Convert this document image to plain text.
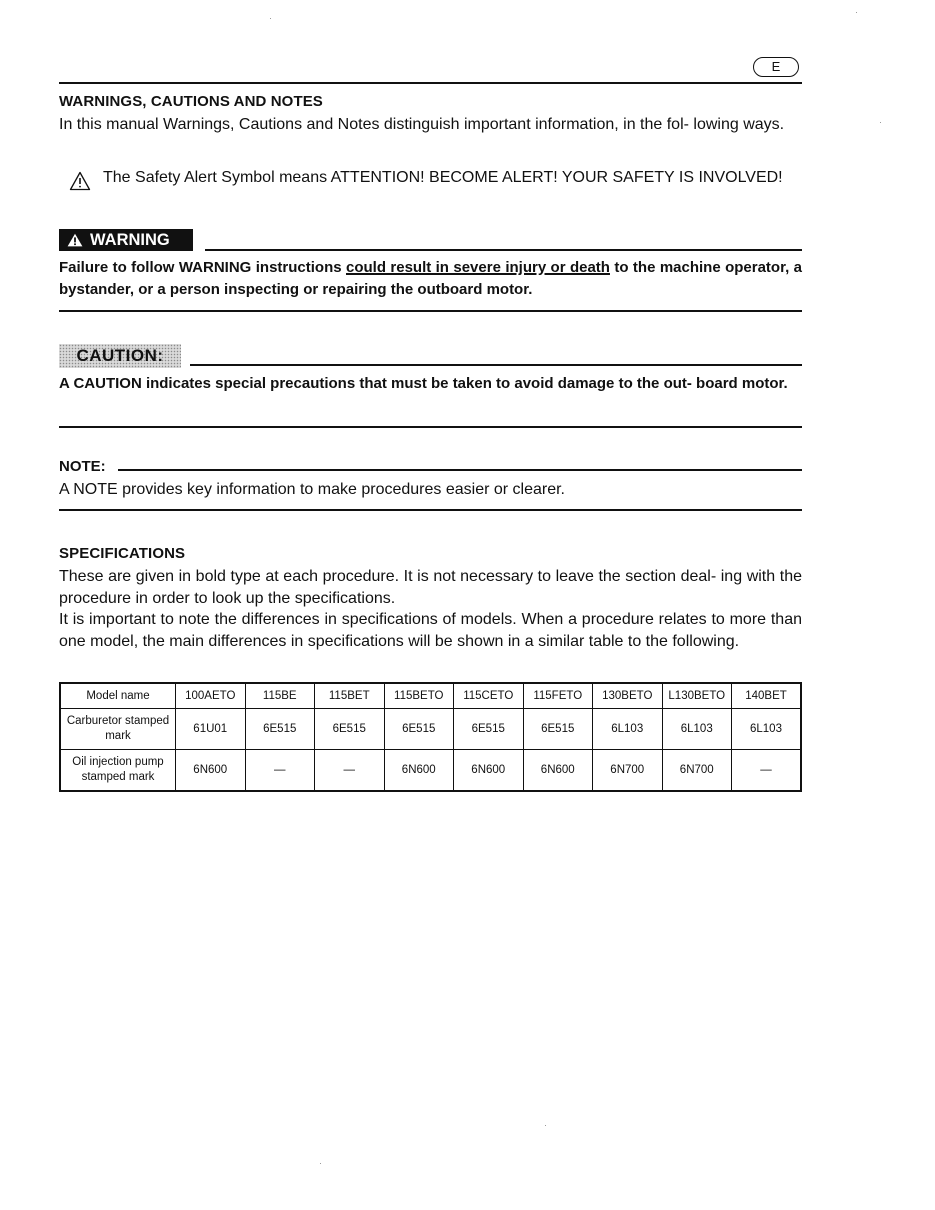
E
WARNINGS, CAUTIONS AND NOTES
In this manual Warnings, Cautions and Notes distinguish important information, in the fol- lowing ways.
The Safety Alert Symbol means ATTENTION! BECOME ALERT! YOUR SAFETY IS INVOLVED!
WARNING
Failure to follow WARNING instructions could result in severe injury or death to the machine operator, a bystander, or a person inspecting or repairing the outboard motor.
CAUTION:
A CAUTION indicates special precautions that must be taken to avoid damage to the out- board motor.
NOTE:
A NOTE provides key information to make procedures easier or clearer.
SPECIFICATIONS
These are given in bold type at each procedure. It is not necessary to leave the section deal- ing with the procedure in order to look up the specifications.
It is important to note the differences in specifications of models. When a procedure relates to more than one model, the main differences in specifications will be shown in a similar table to the following.
Model name	100AETO	115BE	115BET	115BETO	115CETO	115FETO	130BETO	L130BETO	140BET
Carburetor stamped mark	61U01	6E515	6E515	6E515	6E515	6E515	6L103	6L103	6L103
Oil injection pump stamped mark	6N600	—	—	6N600	6N600	6N600	6N700	6N700	—
